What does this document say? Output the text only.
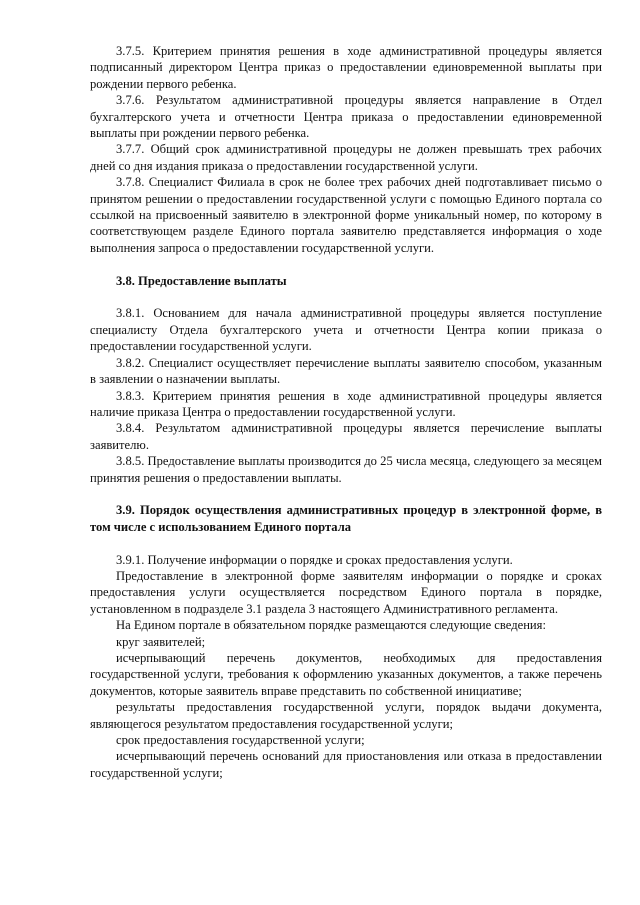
3.7.5. Критерием принятия решения в ходе административной процедуры является подписанный директором Центра приказ о предоставлении единовременной выплаты при рождении первого ребенка.

3.7.6. Результатом административной процедуры является направление в Отдел бухгалтерского учета и отчетности Центра приказа о предоставлении единовременной выплаты при рождении первого ребенка.

3.7.7. Общий срок административной процедуры не должен превышать трех рабочих дней со дня издания приказа о предоставлении государственной услуги.

3.7.8. Специалист Филиала в срок не более трех рабочих дней подготавливает письмо о принятом решении о предоставлении государственной услуги с помощью Единого портала со ссылкой на присвоенный заявителю в электронной форме уникальный номер, по которому в соответствующем разделе Единого портала заявителю представляется информация о ходе выполнения запроса о предоставлении государственной услуги.

3.8. Предоставление выплаты

3.8.1. Основанием для начала административной процедуры является поступление специалисту Отдела бухгалтерского учета и отчетности Центра копии приказа о предоставлении государственной услуги.

3.8.2. Специалист осуществляет перечисление выплаты заявителю способом, указанным в заявлении о назначении выплаты.

3.8.3. Критерием принятия решения в ходе административной процедуры является наличие приказа Центра о предоставлении государственной услуги.

3.8.4. Результатом административной процедуры является перечисление выплаты заявителю.

3.8.5. Предоставление выплаты производится до 25 числа месяца, следующего за месяцем принятия решения о предоставлении выплаты.

3.9. Порядок осуществления административных процедур в электронной форме, в том числе с использованием Единого портала

3.9.1. Получение информации о порядке и сроках предоставления услуги.

Предоставление в электронной форме заявителям информации о порядке и сроках предоставления услуги осуществляется посредством Единого портала в порядке, установленном в подразделе 3.1 раздела 3 настоящего Административного регламента.

На Едином портале в обязательном порядке размещаются следующие сведения:

круг заявителей;

исчерпывающий перечень документов, необходимых для предоставления государственной услуги, требования к оформлению указанных документов, а также перечень документов, которые заявитель вправе представить по собственной инициативе;

результаты предоставления государственной услуги, порядок выдачи документа, являющегося результатом предоставления государственной услуги;

срок предоставления государственной услуги;

исчерпывающий перечень оснований для приостановления или отказа в предоставлении государственной услуги;
